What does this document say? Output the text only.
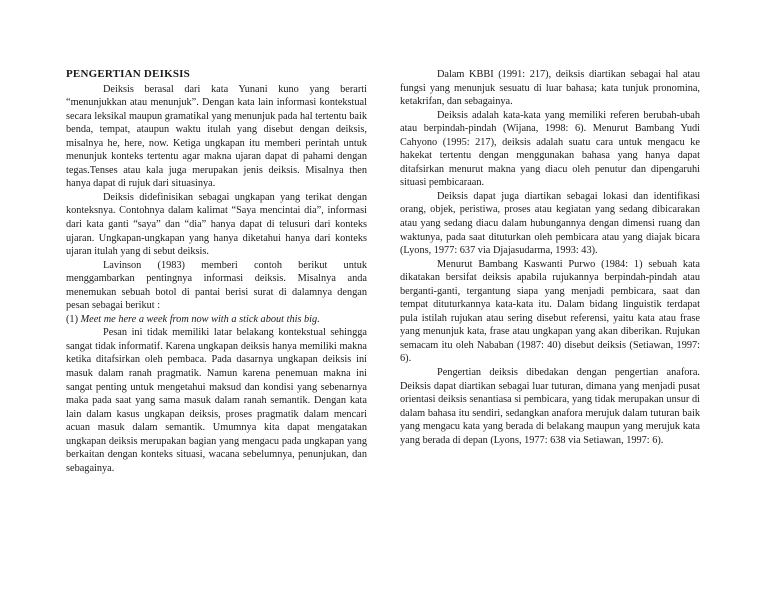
PENGERTIAN DEIKSIS

Deiksis berasal dari kata Yunani kuno yang berarti “menunjukkan atau menunjuk”. Dengan kata lain informasi kontekstual secara leksikal maupun gramatikal yang menunjuk pada hal tertentu baik benda, tempat, ataupun waktu itulah yang disebut dengan deiksis, misalnya he, here, now. Ketiga ungkapan itu memberi perintah untuk menunjuk konteks tertentu agar makna ujaran dapat di pahami dengan tegas.Tenses atau kala juga merupakan jenis deiksis. Misalnya then hanya dapat di rujuk dari situasinya.

Deiksis didefinisikan sebagai ungkapan yang terikat dengan konteksnya. Contohnya dalam kalimat “Saya mencintai dia”, informasi dari kata ganti “saya” dan “dia” hanya dapat di telusuri dari konteks ujaran. Ungkapan-ungkapan yang hanya diketahui hanya dari konteks ujaran itulah yang di sebut deiksis.

Lavinson (1983) memberi contoh berikut untuk menggambarkan pentingnya informasi deiksis. Misalnya anda menemukan sebuah botol di pantai berisi surat di dalamnya dengan pesan sebagai berikut :

(1) Meet me here a week from now with a stick about this big.

Pesan ini tidak memiliki latar belakang kontekstual sehingga sangat tidak informatif. Karena ungkapan deiksis hanya memiliki makna ketika ditafsirkan oleh pembaca. Pada dasarnya ungkapan deiksis ini masuk dalam ranah pragmatik. Namun karena penemuan makna ini sangat penting untuk mengetahui maksud dan kondisi yang sebenarnya maka pada saat yang sama masuk dalam ranah semantik. Dengan kata lain dalam kasus ungkapan deiksis, proses pragmatik dalam mencari acuan masuk dalam semantik. Umumnya kita dapat mengatakan ungkapan deiksis merupakan bagian yang mengacu pada ungkapan yang berkaitan dengan konteks situasi, wacana sebelumnya, penunjukan, dan sebagainya.

Dalam KBBI (1991: 217), deiksis diartikan sebagai hal atau fungsi yang menunjuk sesuatu di luar bahasa; kata tunjuk pronomina, ketakrifan, dan sebagainya.

Deiksis adalah kata-kata yang memiliki referen berubah-ubah atau berpindah-pindah (Wijana, 1998: 6). Menurut Bambang Yudi Cahyono (1995: 217), deiksis adalah suatu cara untuk mengacu ke hakekat tertentu dengan menggunakan bahasa yang hanya dapat ditafsirkan menurut makna yang diacu oleh penutur dan dipengaruhi situasi pembicaraan.

Deiksis dapat juga diartikan sebagai lokasi dan identifikasi orang, objek, peristiwa, proses atau kegiatan yang sedang dibicarakan atau yang sedang diacu dalam hubungannya dengan dimensi ruang dan waktunya, pada saat dituturkan oleh pembicara atau yang diajak bicara (Lyons, 1977: 637 via Djajasudarma, 1993: 43).

Menurut Bambang Kaswanti Purwo (1984: 1) sebuah kata dikatakan bersifat deiksis apabila rujukannya berpindah-pindah atau berganti-ganti, tergantung siapa yang menjadi pembicara, saat dan tempat dituturkannya kata-kata itu. Dalam bidang linguistik terdapat pula istilah rujukan atau sering disebut referensi, yaitu kata atau frase yang menunjuk kata, frase atau ungkapan yang akan diberikan. Rujukan semacam itu oleh Nababan (1987: 40) disebut deiksis (Setiawan, 1997: 6).

Pengertian deiksis dibedakan dengan pengertian anafora. Deiksis dapat diartikan sebagai luar tuturan, dimana yang menjadi pusat orientasi deiksis senantiasa si pembicara, yang tidak merupakan unsur di dalam bahasa itu sendiri, sedangkan anafora merujuk dalam tuturan baik yang mengacu kata yang berada di belakang maupun yang merujuk kata yang berada di depan (Lyons, 1977: 638 via Setiawan, 1997: 6).
